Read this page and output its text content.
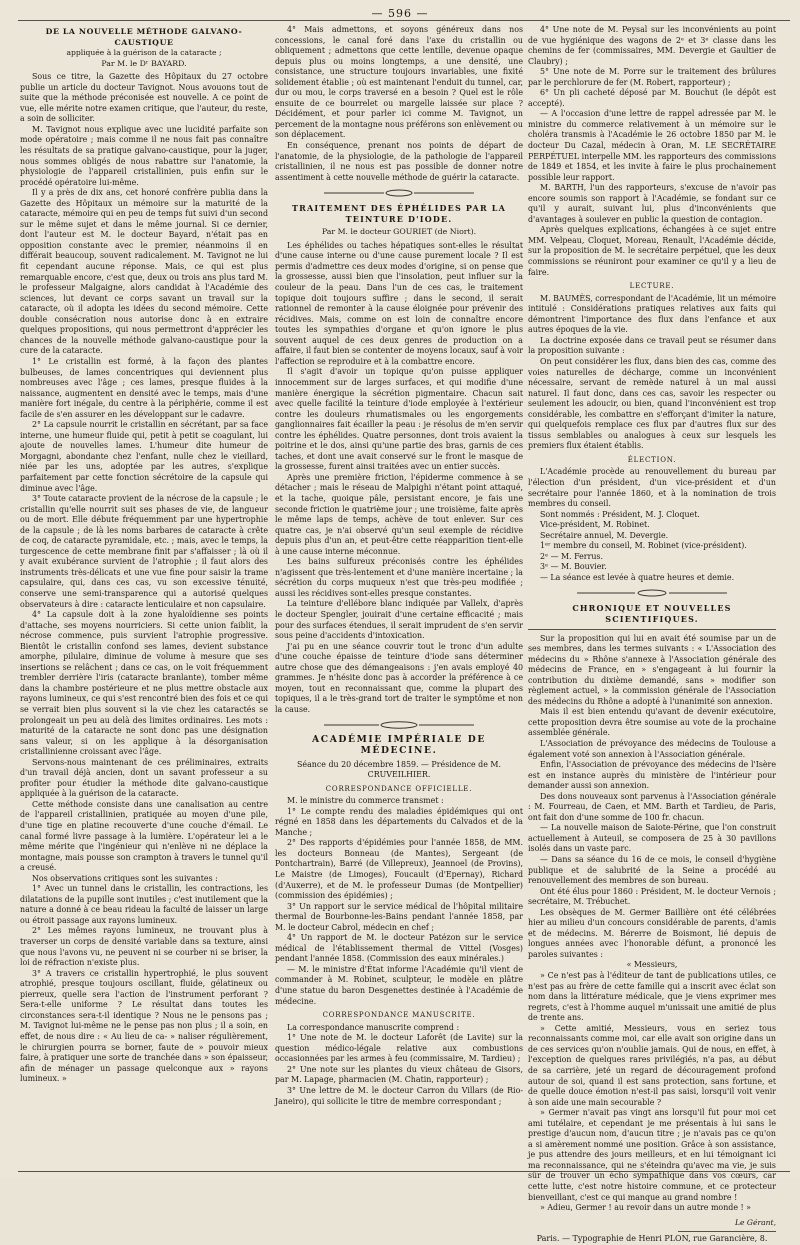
— 596 —
DE LA NOUVELLE MÉTHODE GALVANO-CAUSTIQUE
appliquée à la guérison de la cataracte ;
Par M. le Dʳ BAYARD.

Sous ce titre, la Gazette des Hôpitaux du 27 octobre publie un article du docteur Tavignot. Nous avouons tout de suite que la méthode préconisée est nouvelle. A ce point de vue, elle mérite notre examen critique, que l'auteur, du reste, a soin de solliciter.

M. Tavignot nous explique avec une lucidité parfaite son mode opératoire ; mais comme il ne nous fait pas connaître les résultats de sa pratique galvano-caustique, pour la juger, nous sommes obligés de nous rabattre sur l'anatomie, la physiologie de l'appareil cristallinien, puis enfin sur le procédé opératoire lui-même.

Il y a près de dix ans, cet honoré confrère publia dans la Gazette des Hôpitaux un mémoire sur la maturité de la cataracte, mémoire qui en peu de temps fut suivi d'un second sur le même sujet et dans le même journal. Si ce dernier, dont l'auteur est M. le docteur Bayard, n'était pas en opposition constante avec le premier, néanmoins il en différait beaucoup, souvent radicalement. M. Tavignot ne lui fit cependant aucune réponse. Mais, ce qui est plus remarquable encore, c'est que, deux ou trois ans plus tard M. le professeur Malgaigne, alors candidat à l'Académie des sciences, lut devant ce corps savant un travail sur la cataracte, où il adopta les idées du second mémoire. Cette double consécration nous autorise donc à en extraire quelques propositions, qui nous permettront d'apprécier les chances de la nouvelle méthode galvano-caustique pour la cure de la cataracte.

1° Le cristallin est formé, à la façon des plantes bulbeuses, de lames concentriques qui deviennent plus nombreuses avec l'âge ; ces lames, presque fluides à la naissance, augmentent en densité avec le temps, mais d'une manière fort inégale, du centre à la périphérie, comme il est facile de s'en assurer en les développant sur le cadavre.

2° La capsule nourrit le cristallin en sécrétant, par sa face interne, une humeur fluide qui, petit à petit se coagulant, lui ajoute de nouvelles lames. L'humeur dite humeur de Morgagni, abondante chez l'enfant, nulle chez le vieillard, niée par les uns, adoptée par les autres, s'explique parfaitement par cette fonction sécrétoire de la capsule qui diminue avec l'âge.

3° Toute cataracte provient de la nécrose de la capsule ; le cristallin qu'elle nourrit suit ses phases de vie, de langueur ou de mort. Elle débute fréquemment par une hypertrophie de la capsule ; de là les noms barbares de cataracte à crête de coq, de cataracte pyramidale, etc. ; mais, avec le temps, la turgescence de cette membrane finit par s'affaisser ; là où il y avait exubérance survient de l'atrophie ; il faut alors des instruments très-délicats et une vue fine pour saisir la trame capsulaire, qui, dans ces cas, vu son excessive ténuité, conserve une semi-transparence qui a autorisé quelques observateurs à dire : cataracte lenticulaire et non capsulaire.

4° La capsule doit à la zone hyaloïdienne ses points d'attache, ses moyens nourriciers. Si cette union faiblit, la nécrose commence, puis survient l'atrophie progressive. Bientôt le cristallin confond ses lames, devient substance amorphe, pilulaire, diminue de volume à mesure que ses insertions se relâchent ; dans ce cas, on le voit fréquemment trembler derrière l'iris (cataracte branlante), tomber même dans la chambre postérieure et ne plus mettre obstacle aux rayons lumineux, ce qui s'est rencontré bien des fois et ce qui se verrait bien plus souvent si la vie chez les cataractés se prolongeait un peu au delà des limites ordinaires. Les mots : maturité de la cataracte ne sont donc pas une désignation sans valeur, si on les applique à la désorganisation cristallinienne croissant avec l'âge.

Servons-nous maintenant de ces préliminaires, extraits d'un travail déjà ancien, dont un savant professeur a su profiter pour étudier la méthode dite galvano-caustique appliquée à la guérison de la cataracte.

Cette méthode consiste dans une canalisation au centre de l'appareil cristallinien, pratiquée au moyen d'une pile, d'une tige en platine recouverte d'une couche d'émail. Le canal formé livre passage à la lumière. L'opérateur lei a le même mérite que l'ingénieur qui n'enlève ni ne déplace la montagne, mais pousse son crampton à travers le tunnel qu'il a creusé.

Nos observations critiques sont les suivantes :

1° Avec un tunnel dans le cristallin, les contractions, les dilatations de la pupille sont inutiles ; c'est inutilement que la nature a donné à ce beau rideau la faculté de laisser un large ou étroit passage aux rayons lumineux.

2° Les mêmes rayons lumineux, ne trouvant plus à traverser un corps de densité variable dans sa texture, ainsi que nous l'avons vu, ne peuvent ni se courber ni se briser, la loi de réfraction n'existe plus.

3° A travers ce cristallin hypertrophié, le plus souvent atrophié, presque toujours oscillant, fluide, gélatineux ou pierreux, quelle sera l'action de l'instrument perforant ? Sera-t-elle uniforme ? Le résultat dans toutes les circonstances sera-t-il identique ? Nous ne le pensons pas ; M. Tavignot lui-même ne le pense pas non plus ; il a soin, en effet, de nous dire : « Au lieu de ca- » naliser régulièrement, le chirurgien pourra se borner, faute de » pouvoir mieux faire, à pratiquer une sorte de tranchée dans » son épaisseur, afin de ménager un passage quelconque aux » rayons lumineux. »

4° Mais admettons, et soyons généreux dans nos concessions, le canal foré dans l'axe du cristallin ou obliquement ; admettons que cette lentille, devenue opaque depuis plus ou moins longtemps, a une densité, une consistance, une structure toujours invariables, une fixité solidement établie ; où est maintenant l'enduit du tunnel, car, dur ou mou, le corps traversé en a besoin ? Quel est le rôle ensuite de ce bourrelet ou margelle laissée sur place ? Décidément, et pour parler ici comme M. Tavignot, un percement de la montagne nous préférons son enlèvement ou son déplacement.

En conséquence, prenant nos points de départ de l'anatomie, de la physiologie, de la pathologie de l'appareil cristallinien, il ne nous est pas possible de donner notre assentiment à cette nouvelle méthode de guérir la cataracte.

TRAITEMENT DES ÉPHÉLIDES PAR LA TEINTURE D'IODE.
Par M. le docteur GOURIET (de Niort).

Les éphélides ou taches hépatiques sont-elles le résultat d'une cause interne ou d'une cause purement locale ? Il est permis d'admettre ces deux modes d'origine, si on pense que la grossesse, aussi bien que l'insolation, peut influer sur la couleur de la peau. Dans l'un de ces cas, le traitement topique doit toujours suffire ; dans le second, il serait rationnel de remonter à la cause éloignée pour prévenir des récidives. Mais, comme on est loin de connaître encore toutes les sympathies d'organe et qu'on ignore le plus souvent auquel de ces deux genres de production on a affaire, il faut bien se contenter de moyens locaux, sauf à voir l'affection se reproduire et à la combattre encore.

Il s'agit d'avoir un topique qu'on puisse appliquer innocemment sur de larges surfaces, et qui modifie d'une manière énergique la sécrétion pigmentaire. Chacun sait avec quelle facilité la teinture d'iode employée à l'extérieur contre les douleurs rhumatismales ou les engorgements ganglionnaires fait écailler la peau : je résolus de m'en servir contre les éphélides. Quatre personnes, dont trois avaient la poitrine et le dos, ainsi qu'une partie des bras, garnis de ces taches, et dont une avait conservé sur le front le masque de la grossesse, furent ainsi traitées avec un entier succès.

Après une première friction, l'épiderme commence à se détacher ; mais le réseau de Malpighi n'étant point attaqué, et la tache, quoique pâle, persistant encore, je fais une seconde friction le quatrième jour ; une troisième, faite après le même laps de temps, achève de tout enlever. Sur ces quatre cas, je n'ai observé qu'un seul exemple de récidive depuis plus d'un an, et peut-être cette réapparition tient-elle à une cause interne méconnue.

Les bains sulfureux préconisés contre les éphélides n'agissent que très-lentement et d'une manière incertaine ; la sécrétion du corps muqueux n'est que très-peu modifiée ; aussi les récidives sont-elles presque constantes.

La teinture d'ellébore blanc indiquée par Vallelx, d'après le docteur Spengler, jouirait d'une certaine efficacité ; mais pour des surfaces étendues, il serait imprudent de s'en servir sous peine d'accidents d'intoxication.

J'ai pu en une séance couvrir tout le tronc d'un adulte d'une couche épaisse de teinture d'iode sans déterminer autre chose que des démangeaisons : j'en avais employé 40 grammes. Je n'hésite donc pas à accorder la préférence à ce moyen, tout en reconnaissant que, comme la plupart des topiques, il a le très-grand tort de traiter le symptôme et non la cause.

ACADÉMIE IMPÉRIALE DE MÉDECINE.

Séance du 20 décembre 1859. — Présidence de M. CRUVEILHIER.

CORRESPONDANCE OFFICIELLE.

M. le ministre du commerce transmet :

1° Le compte rendu des maladies épidémiques qui ont régné en 1858 dans les départements du Calvados et de la Manche ;

2° Des rapports d'épidémies pour l'année 1858, de MM. les docteurs Bonneau (de Mantes), Sergeant (de Pontchartrain), Barré (de Villepreux), Jeannoel (de Provins), Le Maistre (de Limoges), Foucault (d'Epernay), Richard (d'Auxerre), et de M. le professeur Dumas (de Montpellier) (commission des épidémies) ;

3° Un rapport sur le service médical de l'hôpital militaire thermal de Bourbonne-les-Bains pendant l'année 1858, par M. le docteur Cabrol, médecin en chef ;

4° Un rapport de M. le docteur Patézon sur le service médical de l'établissement thermal de Vittel (Vosges) pendant l'année 1858. (Commission des eaux minérales.)

— M. le ministre d'État informe l'Académie qu'il vient de commander à M. Robinet, sculpteur, le modèle en plâtre d'une statue du baron Desgenettes destinée à l'Académie de médecine.

CORRESPONDANCE MANUSCRITE.

La correspondance manuscrite comprend :

1° Une note de M. le docteur Laforêt (de Lavite) sur la question médico-légale relative aux combustions occasionnées par les armes à feu (commissaire, M. Tardieu) ;

2° Une note sur les plantes du vieux château de Gisors, par M. Lapage, pharmacien (M. Chatin, rapporteur) ;

3° Une lettre de M. le docteur Carron du Villars (de Rio-Janeiro), qui sollicite le titre de membre correspondant ;

4° Une note de M. Peysal sur les inconvénients au point de vue hygiénique des wagons de 2ᵉ et 3ᵉ classe dans les chemins de fer (commissaires, MM. Devergie et Gaultier de Claubry) ;

5° Une note de M. Porre sur le traitement des brûlures par le perchlorure de fer (M. Robert, rapporteur) ;

6° Un pli cacheté déposé par M. Bouchut (le dépôt est accepté).

— A l'occasion d'une lettre de rappel adressée par M. le ministre du commerce relativement à un mémoire sur le choléra transmis à l'Académie le 26 octobre 1850 par M. le docteur Du Cazal, médecin à Oran, M. LE SECRÉTAIRE PERPÉTUEL interpelle MM. les rapporteurs des commissions de 1849 et 1854, et les invite à faire le plus prochainement possible leur rapport.

M. BARTH, l'un des rapporteurs, s'excuse de n'avoir pas encore soumis son rapport à l'Académie, se fondant sur ce qu'il y aurait, suivant lui, plus d'inconvénients que d'avantages à soulever en public la question de contagion.

Après quelques explications, échangées à ce sujet entre MM. Velpeau, Cloquet, Moreau, Renault, l'Académie décide, sur la proposition de M. le secrétaire perpétuel, que les deux commissions se réuniront pour examiner ce qu'il y a lieu de faire.

LECTURE.

M. BAUMÈS, correspondant de l'Académie, lit un mémoire intitulé : Considérations pratiques relatives aux faits qui démontrent l'importance des flux dans l'enfance et aux autres époques de la vie.

La doctrine exposée dans ce travail peut se résumer dans la proposition suivante :

On peut considérer les flux, dans bien des cas, comme des voies naturelles de décharge, comme un inconvénient nécessaire, servant de remède naturel à un mal aussi naturel. Il faut donc, dans ces cas, savoir les respecter ou seulement les adoucir, ou bien, quand l'inconvénient est trop considérable, les combattre en s'efforçant d'imiter la nature, qui quelquefois remplace ces flux par d'autres flux sur des tissus semblables ou analogues à ceux sur lesquels les premiers flux étaient établis.

ÉLECTION.

L'Académie procède au renouvellement du bureau par l'élection d'un président, d'un vice-président et d'un secrétaire pour l'année 1860, et à la nomination de trois membres du conseil.

Sont nommés : Président, M. J. Cloquet.

Vice-président, M. Robinet.

Secrétaire annuel, M. Devergie.

1ᵉʳ membre du conseil, M. Robinet (vice-président).

2ᵉ — M. Ferrus.

3ᵉ — M. Bouvier.

— La séance est levée à quatre heures et demie.

CHRONIQUE ET NOUVELLES SCIENTIFIQUES.

Sur la proposition qui lui en avait été soumise par un de ses membres, dans les termes suivants : « L'Association des médecins du » Rhône s'annexe à l'Association générale des médecins de France, en » s'engageant à lui fournir la contribution du dixième demandé, sans » modifier son règlement actuel, » la commission générale de l'Association des médecins du Rhône a adopté à l'unanimité son annexion.

Mais il est bien entendu qu'avant de devenir exécutoire, cette proposition devra être soumise au vote de la prochaine assemblée générale.

L'Association de prévoyance des médecins de Toulouse a également voté son annexion à l'Association générale.

Enfin, l'Association de prévoyance des médecins de l'Isère est en instance auprès du ministère de l'intérieur pour demander aussi son annexion.

Des dons nouveaux sont parvenus à l'Association générale : M. Fourreau, de Caen, et MM. Barth et Tardieu, de Paris, ont fait don d'une somme de 100 fr. chacun.

— La nouvelle maison de Saiote-Périne, que l'on construit actuellement à Auteuil, se composera de 25 à 30 pavillons isolés dans un vaste parc.

— Dans sa séance du 16 de ce mois, le conseil d'hygiène publique et de salubrité de la Seine a procédé au renouvellement des membres de son bureau.

Ont été élus pour 1860 : Président, M. le docteur Vernois ; secrétaire, M. Trébuchet.

Les obsèques de M. Germer Baillière ont été célébrées hier au milieu d'un concours considérable de parents, d'amis et de médecins. M. Bérerre de Boismont, lié depuis de longues années avec l'honorable défunt, a prononcé les paroles suivantes :

« Messieurs,

» Ce n'est pas à l'éditeur de tant de publications utiles, ce n'est pas au frère de cette famille qui a inscrit avec éclat son nom dans la littérature médicale, que je viens exprimer mes regrets, c'est à l'homme auquel m'unissait une amitié de plus de trente ans.

» Cette amitié, Messieurs, vous en seriez tous reconnaissants comme moi, car elle avait son origine dans un de ces services qu'on n'oublie jamais. Qui de nous, en effet, à l'exception de quelques rares privilégiés, n'a pas, au début de sa carrière, jeté un regard de découragement profond autour de soi, quand il est sans protection, sans fortune, et de quelle douce émotion n'est-il pas saisi, lorsqu'il voit venir à son aide une main secourable ?

» Germer n'avait pas vingt ans lorsqu'il fut pour moi cet ami tutélaire, et cependant je me présentais à lui sans le prestige d'aucun nom, d'aucun titre ; je n'avais pas ce qu'on a si amèrement nommé une position. Grâce à son assistance, je pus attendre des jours meilleurs, et en lui témoignant ici ma reconnaissance, qui ne s'éteindra qu'avec ma vie, je suis sûr de trouver un écho sympathique dans vos cœurs, car cette lutte, c'est notre histoire commune, et ce protecteur bienveillant, c'est ce qui manque au grand nombre !

» Adieu, Germer ! au revoir dans un autre monde ! »

Le Gérant,
Paris. — Typographie de Henri PLON, rue Garancière, 8.
